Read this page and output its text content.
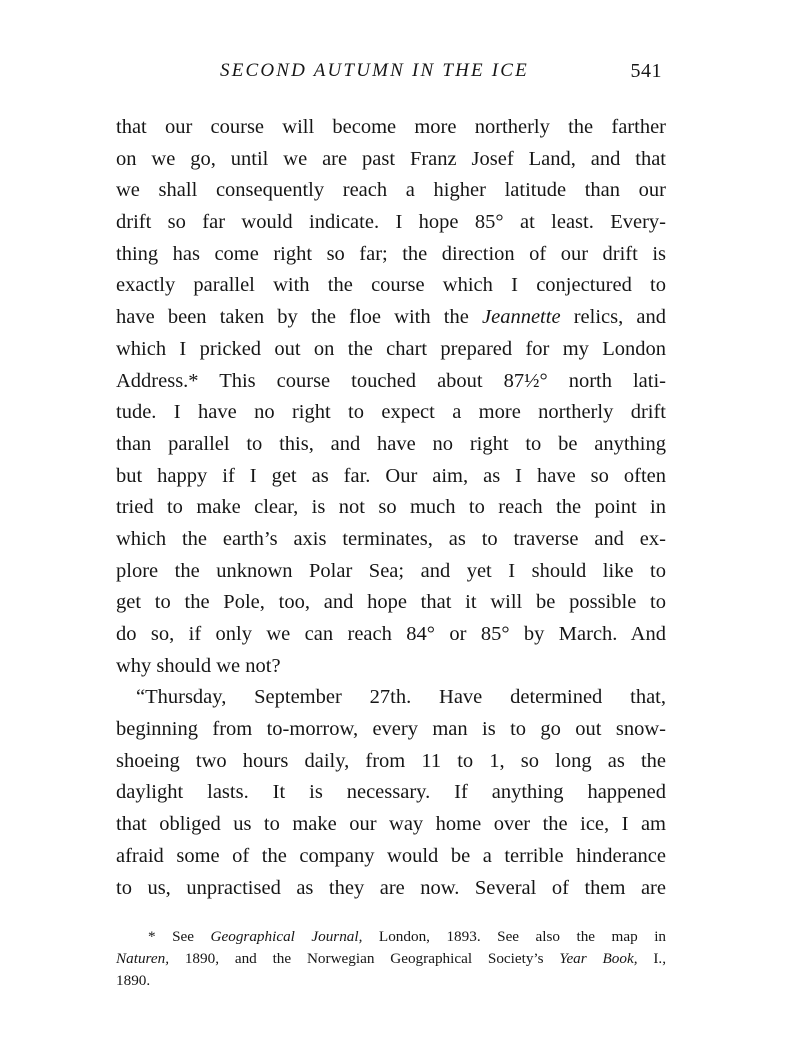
SECOND AUTUMN IN THE ICE	541
that our course will become more northerly the farther
on we go, until we are past Franz Josef Land, and that
we shall consequently reach a higher latitude than our
drift so far would indicate. I hope 85° at least. Every-
thing has come right so far; the direction of our drift is
exactly parallel with the course which I conjectured to
have been taken by the floe with the Jeannette relics, and
which I pricked out on the chart prepared for my London
Address.* This course touched about 87½° north lati-
tude. I have no right to expect a more northerly drift
than parallel to this, and have no right to be anything
but happy if I get as far. Our aim, as I have so often
tried to make clear, is not so much to reach the point in
which the earth’s axis terminates, as to traverse and ex-
plore the unknown Polar Sea; and yet I should like to
get to the Pole, too, and hope that it will be possible to
do so, if only we can reach 84° or 85° by March. And
why should we not?
“Thursday, September 27th. Have determined that,
beginning from to-morrow, every man is to go out snow-
shoeing two hours daily, from 11 to 1, so long as the
daylight lasts. It is necessary. If anything happened
that obliged us to make our way home over the ice, I am
afraid some of the company would be a terrible hinderance
to us, unpractised as they are now. Several of them are
* See Geographical Journal, London, 1893. See also the map in
Naturen, 1890, and the Norwegian Geographical Society’s Year Book, I.,
1890.
